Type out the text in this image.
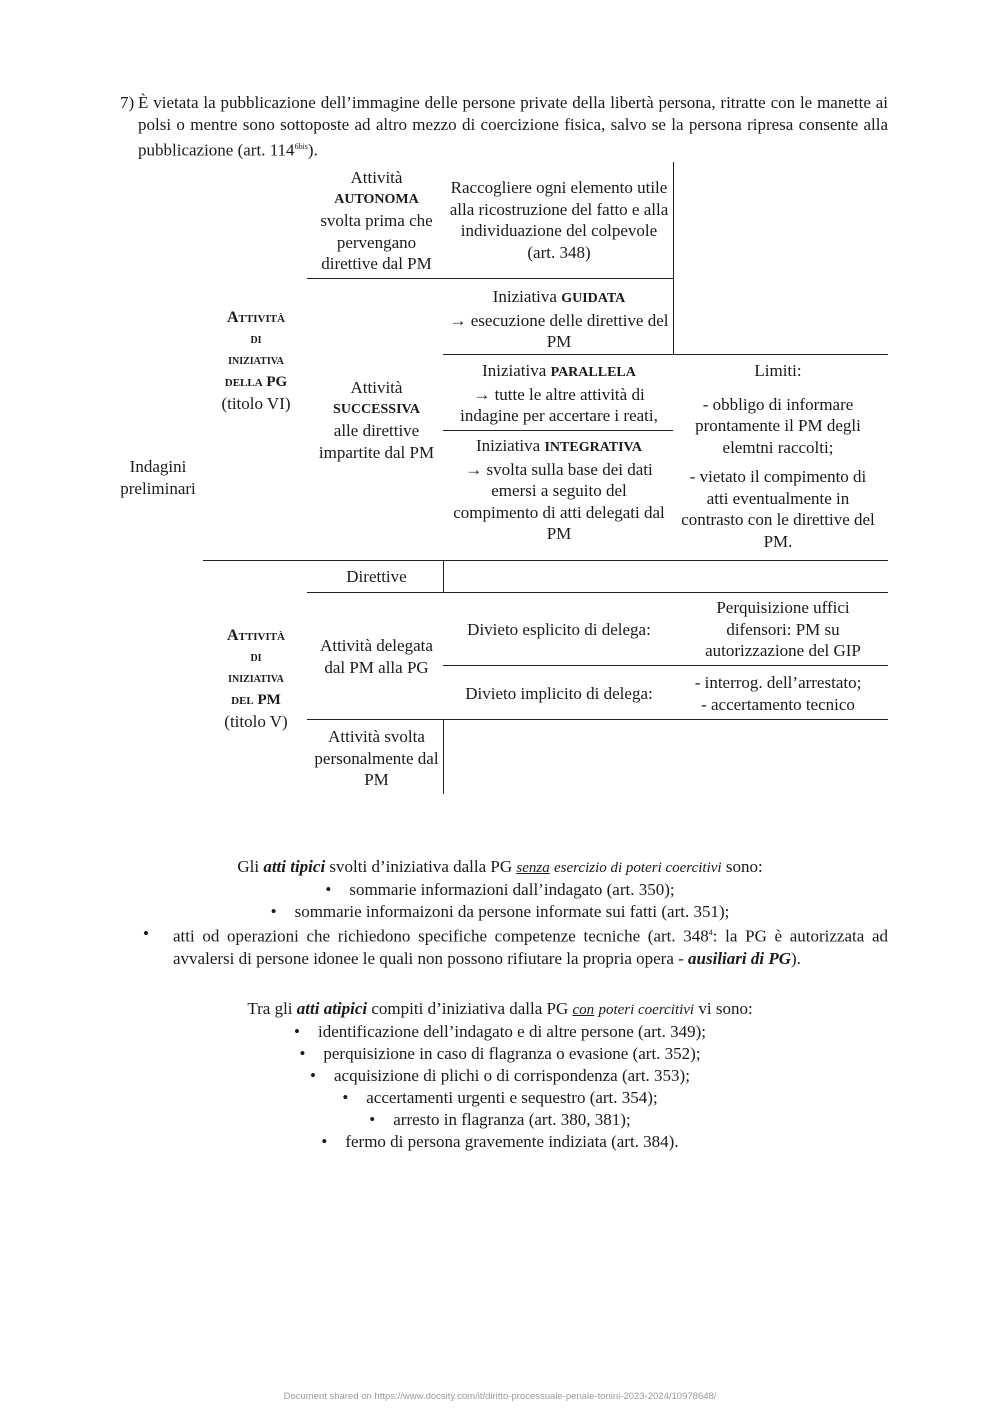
7) È vietata la pubblicazione dell’immagine delle persone private della libertà persona, ritratte con le manette ai polsi o mentre sono sottoposte ad altro mezzo di coercizione fisica, salvo se la persona ripresa consente alla pubblicazione (art. $114^{6bis}$).
Indagini preliminari
Attività
di
iniziativa
della PG
(titolo VI)
Attività
AUTONOMA
svolta prima che pervengano direttive dal PM
Raccogliere ogni elemento utile alla ricostruzione del fatto e alla individuazione del colpevole (art. 348)
Attività
SUCCESSIVA
alle direttive impartite dal PM
Iniziativa GUIDATA
→ esecuzione delle direttive del PM
Iniziativa PARALLELA
→ tutte le altre attività di indagine per accertare i reati,
Iniziativa INTEGRATIVA
→ svolta sulla base dei dati emersi a seguito del compimento di atti delegati dal PM
Limiti:
- obbligo di informare prontamente il PM degli elemtni raccolti;
- vietato il compimento di atti eventualmente in contrasto con le direttive del PM.
Attività
di
iniziativa
del PM
(titolo V)
Direttive
Attività delegata dal PM alla PG
Divieto esplicito di delega:
Perquisizione uffici difensori: PM su autorizzazione del GIP
Divieto implicito di delega:
- interrog. dell’arrestato;
- accertamento tecnico
Attività svolta personalmente dal PM
Gli atti tipici svolti d’iniziativa dalla PG senza esercizio di poteri coercitivi sono:
• sommarie informazioni dall’indagato (art. 350);
• sommarie informaizoni da persone informate sui fatti (art. 351);
• atti od operazioni che richiedono specifiche competenze tecniche (art. $348^4$: la PG è autorizzata ad avvalersi di persone idonee le quali non possono rifiutare la propria opera - ausiliari di PG).
Tra gli atti atipici compiti d’iniziativa dalla PG con poteri coercitivi vi sono:
• identificazione dell’indagato e di altre persone (art. 349);
• perquisizione in caso di flagranza o evasione (art. 352);
• acquisizione di plichi o di corrispondenza (art. 353);
• accertamenti urgenti e sequestro (art. 354);
• arresto in flagranza (art. 380, 381);
• fermo di persona gravemente indiziata (art. 384).
Document shared on https://www.docsity.com/it/diritto-processuale-penale-tonini-2023-2024/10978648/
